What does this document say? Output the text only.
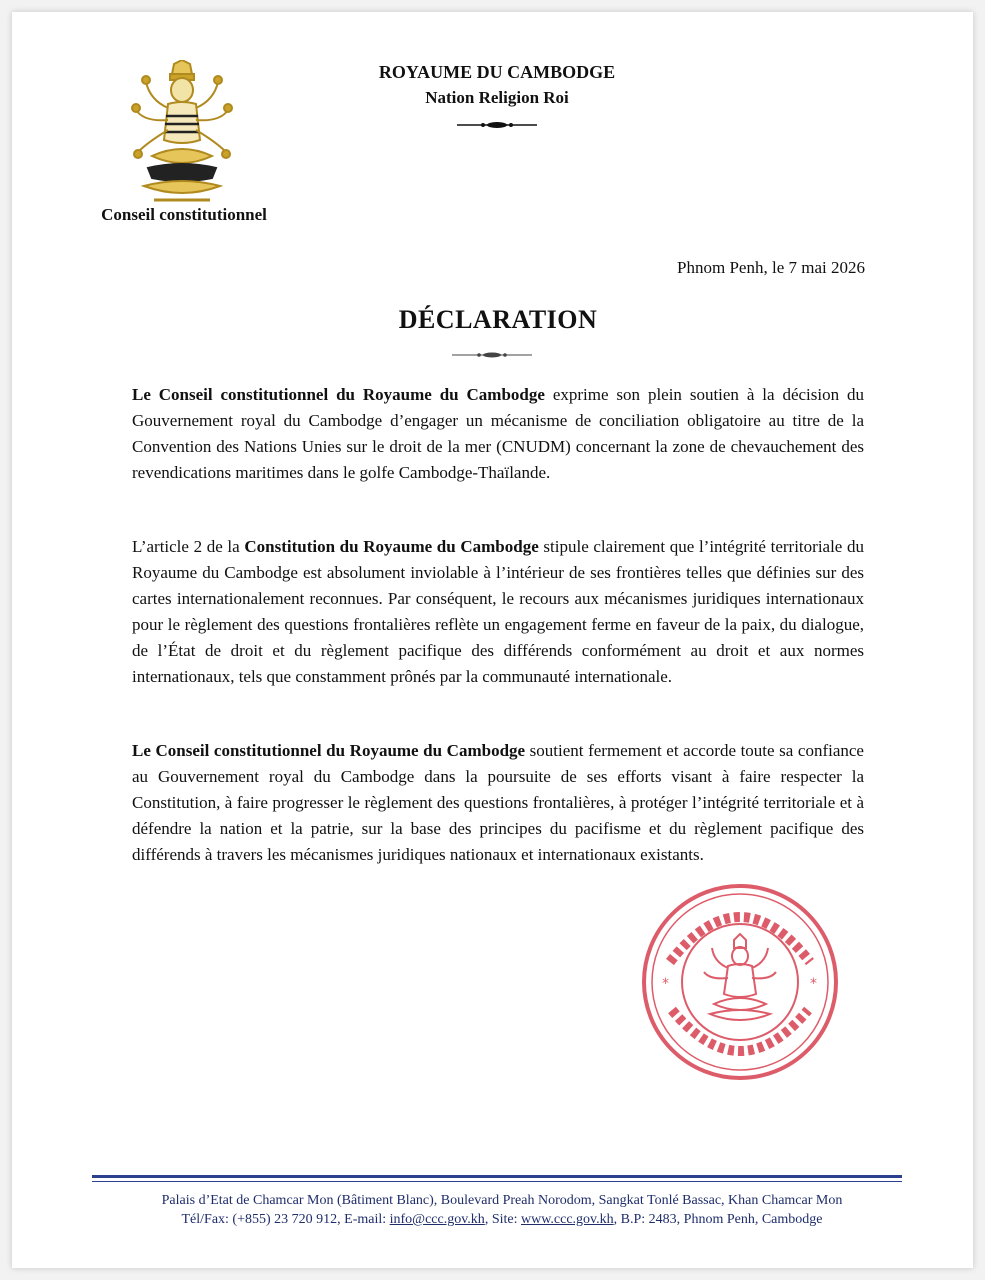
Conseil constitutionnel
ROYAUME DU CAMBODGE
Nation Religion Roi
Phnom Penh, le 7 mai 2026
DÉCLARATION

Le Conseil constitutionnel du Royaume du Cambodge exprime son plein soutien à la décision du Gouvernement royal du Cambodge d’engager un mécanisme de conciliation obligatoire au titre de la Convention des Nations Unies sur le droit de la mer (CNUDM) concernant la zone de chevauchement des revendications maritimes dans le golfe Cambodge-Thaïlande.

L’article 2 de la Constitution du Royaume du Cambodge stipule clairement que l’intégrité territoriale du Royaume du Cambodge est absolument inviolable à l’intérieur de ses frontières telles que définies sur des cartes internationalement reconnues. Par conséquent, le recours aux mécanismes juridiques internationaux pour le règlement des questions frontalières reflète un engagement ferme en faveur de la paix, du dialogue, de l’État de droit et du règlement pacifique des différends conformément au droit et aux normes internationaux, tels que constamment prônés par la communauté internationale.

Le Conseil constitutionnel du Royaume du Cambodge soutient fermement et accorde toute sa confiance au Gouvernement royal du Cambodge dans la poursuite de ses efforts visant à faire respecter la Constitution, à faire progresser le règlement des questions frontalières, à protéger l’intégrité territoriale et à défendre la nation et la patrie, sur la base des principes du pacifisme et du règlement pacifique des différends à travers les mécanismes juridiques nationaux et internationaux existants.

*	*
Palais d’Etat de Chamcar Mon (Bâtiment Blanc), Boulevard Preah Norodom, Sangkat Tonlé Bassac, Khan Chamcar Mon
Tél/Fax: (+855) 23 720 912, E-mail: info@ccc.gov.kh, Site: www.ccc.gov.kh, B.P: 2483, Phnom Penh, Cambodge
